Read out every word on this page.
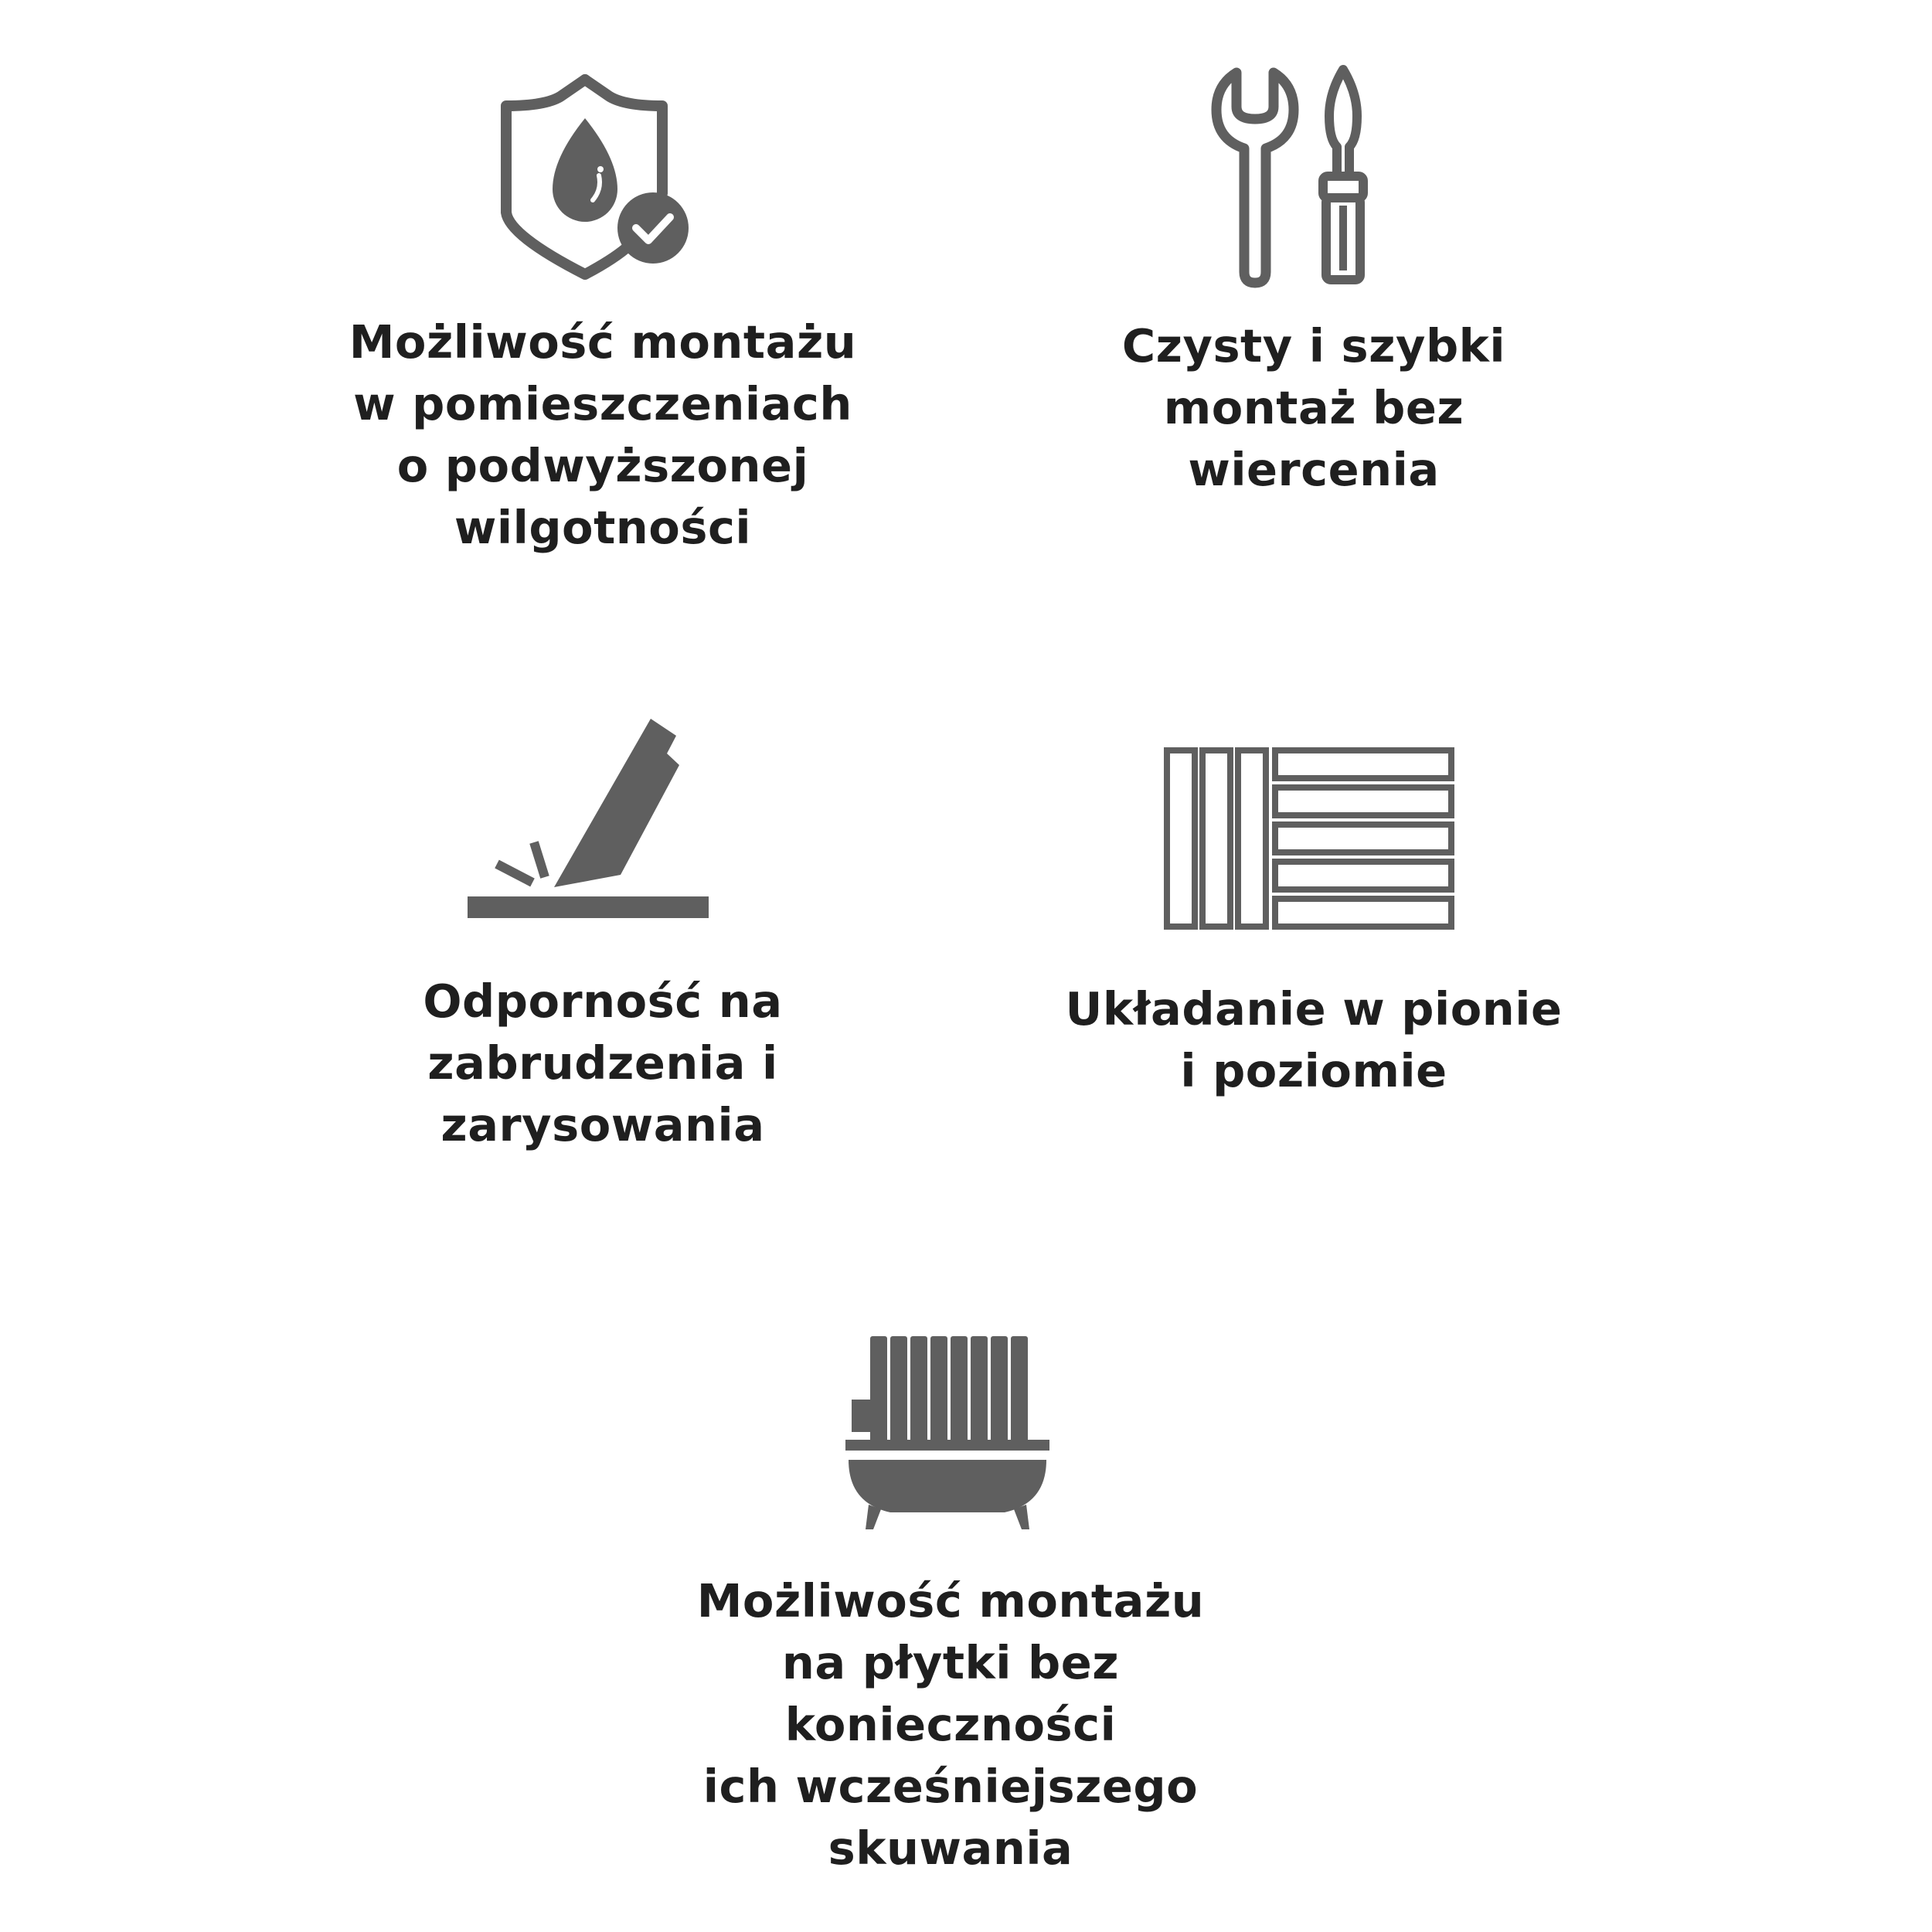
Możliwość montażu
w pomieszczeniach
o podwyższonej
wilgotności
Czysty i szybki
montaż bez
wiercenia
Odporność na
zabrudzenia i
zarysowania
Układanie w pionie
i poziomie
Możliwość montażu
na płytki bez
konieczności
ich wcześniejszego
skuwania
